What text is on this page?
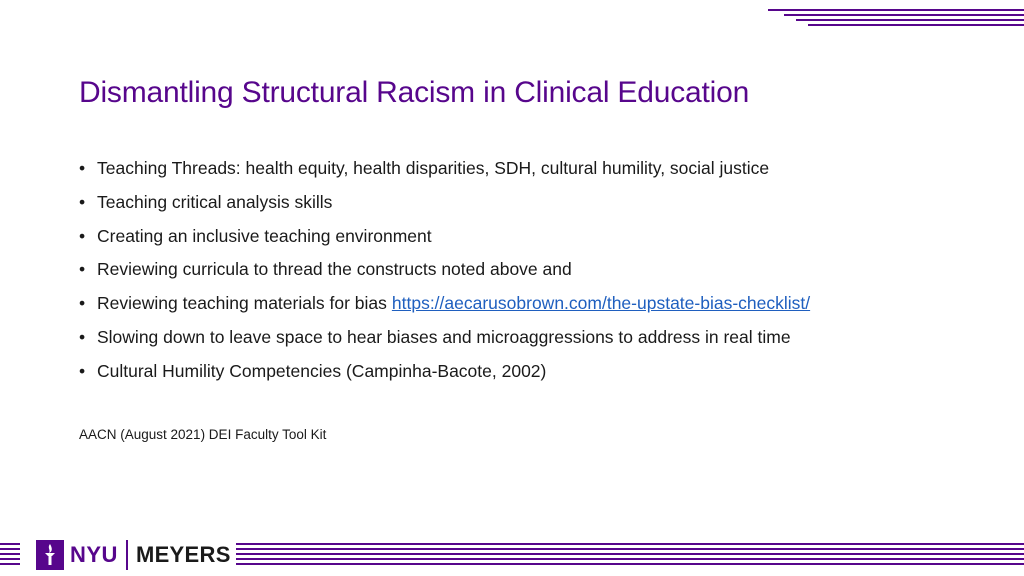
Dismantling Structural Racism in Clinical Education
• Teaching Threads: health equity, health disparities, SDH, cultural humility, social justice
• Teaching critical analysis skills
• Creating an inclusive teaching environment
• Reviewing curricula to thread the constructs noted above and
• Reviewing teaching materials for bias https://aecarusobrown.com/the-upstate-bias-checklist/
• Slowing down to leave space to hear biases and microaggressions to address in real time
• Cultural Humility Competencies (Campinha-Bacote, 2002)
AACN (August 2021) DEI Faculty Tool Kit
NYU MEYERS
